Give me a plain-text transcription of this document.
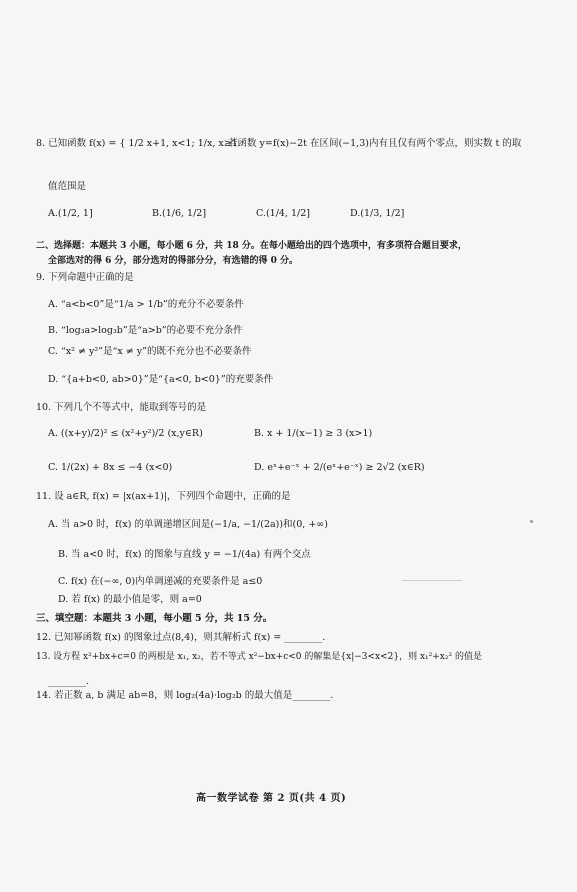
8. 已知函数 f(x) = { 1/2 x+1, x<1; 1/x, x≥1.
若函数 y=f(x)−2t 在区间(−1,3)内有且仅有两个零点，则实数 t 的取
值范围是
A.(1/2, 1]	B.(1/6, 1/2]	C.(1/4, 1/2]	D.(1/3, 1/2]
二、选择题：本题共 3 小题，每小题 6 分，共 18 分。在每小题给出的四个选项中，有多项符合题目要求，
全部选对的得 6 分，部分选对的得部分分，有选错的得 0 分。
9. 下列命题中正确的是
A. “a<b<0”是“1/a > 1/b”的充分不必要条件
B. “log₃a>log₃b”是“a>b”的必要不充分条件
C. “x² ≠ y²”是“x ≠ y”的既不充分也不必要条件
D. “{a+b<0, ab>0}”是“{a<0, b<0}”的充要条件
10. 下列几个不等式中，能取到等号的是
A. ((x+y)/2)² ≤ (x²+y²)/2 (x,y∈R)	B. x + 1/(x−1) ≥ 3 (x>1)
C. 1/(2x) + 8x ≤ −4 (x<0)	D. eˣ+e⁻ˣ + 2/(eˣ+e⁻ˣ) ≥ 2√2 (x∈R)
11. 设 a∈R, f(x) = |x(ax+1)|，下列四个命题中，正确的是
A. 当 a>0 时，f(x) 的单调递增区间是(−1/a, −1/(2a))和(0, +∞)
B. 当 a<0 时，f(x) 的图象与直线 y = −1/(4a) 有两个交点
C. f(x) 在(−∞, 0)内单调递减的充要条件是 a≤0
D. 若 f(x) 的最小值是零，则 a=0
三、填空题：本题共 3 小题，每小题 5 分，共 15 分。
12. 已知幂函数 f(x) 的图象过点(8,4)，则其解析式 f(x) = ________.
13. 设方程 x²+bx+c=0 的两根是 x₁, x₂，若不等式 x²−bx+c<0 的解集是{x|−3<x<2}，则 x₁²+x₂² 的值是
________.
14. 若正数 a, b 满足 ab=8，则 log₂(4a)·log₂b 的最大值是________.
高一数学试卷 第 2 页(共 4 页)
